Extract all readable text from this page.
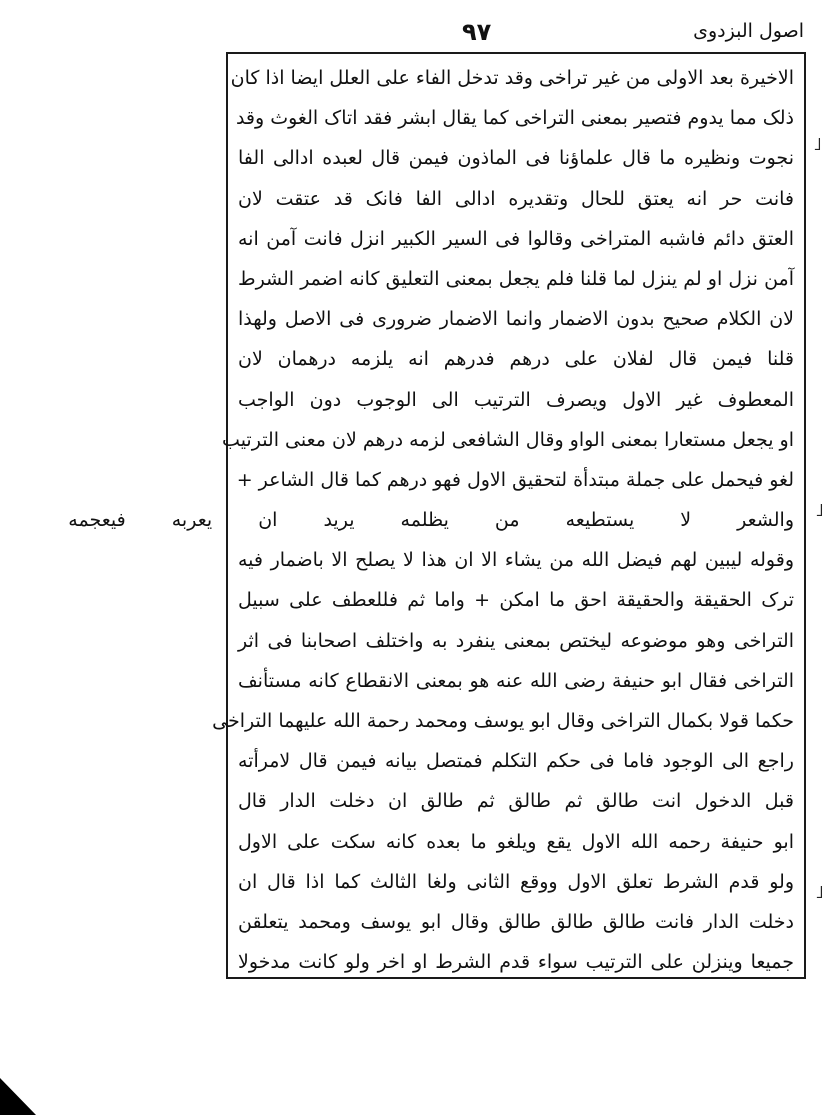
۹۷	اصول البزدوی
الاخیرة بعد الاولی من غیر تراخی وقد تدخل الفاء علی العلل ایضا اذا کان
ذلک مما یدوم فتصیر بمعنی التراخی کما یقال ابشر فقد اتاک الغوث وقد
نجوت ونظیره ما قال علماؤنا فی الماذون فیمن قال لعبده ادالی الفا
فانت حر انه یعتق للحال وتقدیره ادالی الفا فانک قد عتقت لان
العتق دائم فاشبه المتراخی وقالوا فی السیر الکبیر انزل فانت آمن انه
آمن نزل او لم ینزل لما قلنا فلم یجعل بمعنی التعلیق کانه اضمر الشرط
لان الکلام صحیح بدون الاضمار وانما الاضمار ضروری فی الاصل ولهذا
قلنا فیمن قال لفلان علی درهم فدرهم انه یلزمه درهمان لان
المعطوف غیر الاول ویصرف الترتیب الی الوجوب دون الواجب
او یجعل مستعارا بمعنی الواو وقال الشافعی لزمه درهم لان معنی الترتیب
لغو فیحمل علی جملة مبتدأة لتحقیق الاول فهو درهم کما قال الشاعر +
والشعر لا یستطیعه من یظلمه یرید ان یعربه فیعجمه
وقوله لیبین لهم فیضل الله من یشاء الا ان هذا لا یصلح الا باضمار فیه
ترک الحقیقة والحقیقة احق ما امکن + واما ثم فللعطف علی سبیل
التراخی وهو موضوعه لیختص بمعنی ینفرد به واختلف اصحابنا فی اثر
التراخی فقال ابو حنیفة رضی الله عنه هو بمعنی الانقطاع کانه مستأنف
حکما قولا بکمال التراخی وقال ابو یوسف ومحمد رحمة الله علیهما التراخی
راجع الی الوجود فاما فی حکم التکلم فمتصل بیانه فیمن قال لامرأته
قبل الدخول انت طالق ثم طالق ثم طالق ان دخلت الدار قال
ابو حنیفة رحمه الله الاول یقع ویلغو ما بعده کانه سکت علی الاول
ولو قدم الشرط تعلق الاول ووقع الثانی ولغا الثالث کما اذا قال ان
دخلت الدار فانت طالق طالق طالق وقال ابو یوسف ومحمد یتعلقن
جمیعا وینزلن علی الترتیب سواء قدم الشرط او اخر ولو کانت مدخولا
˩
˩
˩
